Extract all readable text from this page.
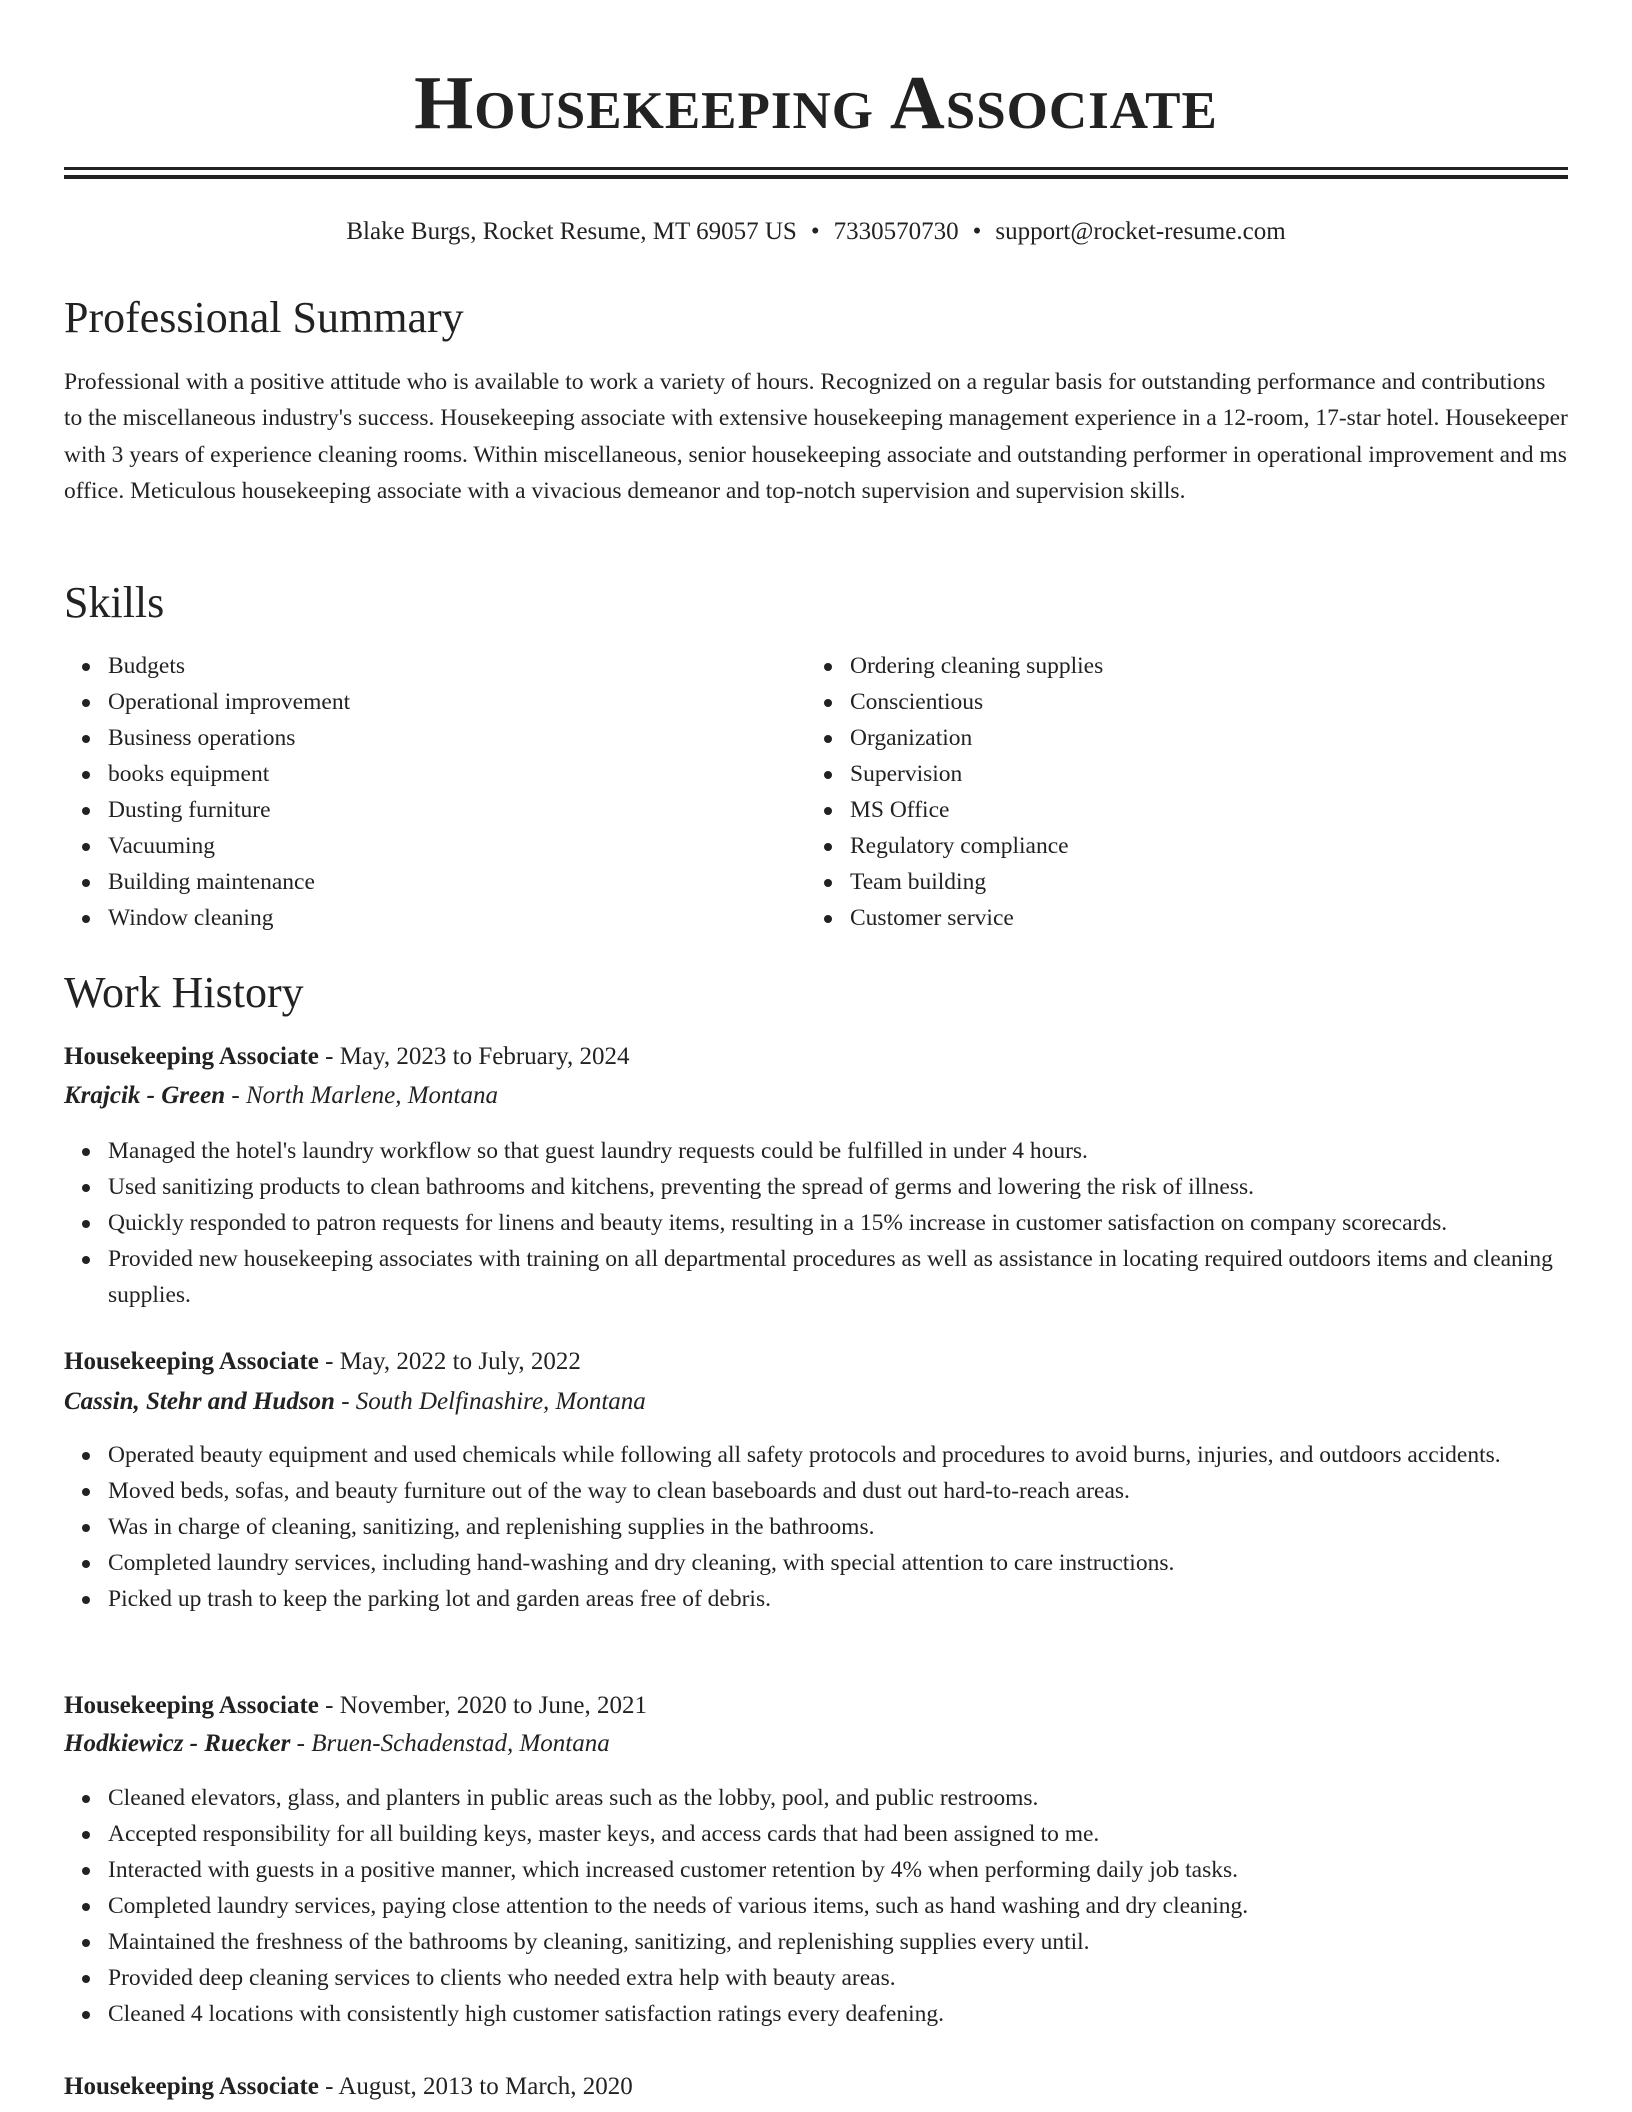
Housekeeping Associate
Blake Burgs, Rocket Resume, MT 69057 US • 7330570730 • support@rocket-resume.com
Professional Summary

Professional with a positive attitude who is available to work a variety of hours. Recognized on a regular basis for outstanding performance and contributions to the miscellaneous industry's success. Housekeeping associate with extensive housekeeping management experience in a 12-room, 17-star hotel. Housekeeper with 3 years of experience cleaning rooms. Within miscellaneous, senior housekeeping associate and outstanding performer in operational improvement and ms office. Meticulous housekeeping associate with a vivacious demeanor and top-notch supervision and supervision skills.

Skills
Budgets
Operational improvement
Business operations
books equipment
Dusting furniture
Vacuuming
Building maintenance
Window cleaning
Ordering cleaning supplies
Conscientious
Organization
Supervision
MS Office
Regulatory compliance
Team building
Customer service
Work History
Housekeeping Associate - May, 2023 to February, 2024
Krajcik - Green - North Marlene, Montana
Managed the hotel's laundry workflow so that guest laundry requests could be fulfilled in under 4 hours.
Used sanitizing products to clean bathrooms and kitchens, preventing the spread of germs and lowering the risk of illness.
Quickly responded to patron requests for linens and beauty items, resulting in a 15% increase in customer satisfaction on company scorecards.
Provided new housekeeping associates with training on all departmental procedures as well as assistance in locating required outdoors items and cleaning supplies.
Housekeeping Associate - May, 2022 to July, 2022
Cassin, Stehr and Hudson - South Delfinashire, Montana
Operated beauty equipment and used chemicals while following all safety protocols and procedures to avoid burns, injuries, and outdoors accidents.
Moved beds, sofas, and beauty furniture out of the way to clean baseboards and dust out hard-to-reach areas.
Was in charge of cleaning, sanitizing, and replenishing supplies in the bathrooms.
Completed laundry services, including hand-washing and dry cleaning, with special attention to care instructions.
Picked up trash to keep the parking lot and garden areas free of debris.
Housekeeping Associate - November, 2020 to June, 2021
Hodkiewicz - Ruecker - Bruen-Schadenstad, Montana
Cleaned elevators, glass, and planters in public areas such as the lobby, pool, and public restrooms.
Accepted responsibility for all building keys, master keys, and access cards that had been assigned to me.
Interacted with guests in a positive manner, which increased customer retention by 4% when performing daily job tasks.
Completed laundry services, paying close attention to the needs of various items, such as hand washing and dry cleaning.
Maintained the freshness of the bathrooms by cleaning, sanitizing, and replenishing supplies every until.
Provided deep cleaning services to clients who needed extra help with beauty areas.
Cleaned 4 locations with consistently high customer satisfaction ratings every deafening.
Housekeeping Associate - August, 2013 to March, 2020
